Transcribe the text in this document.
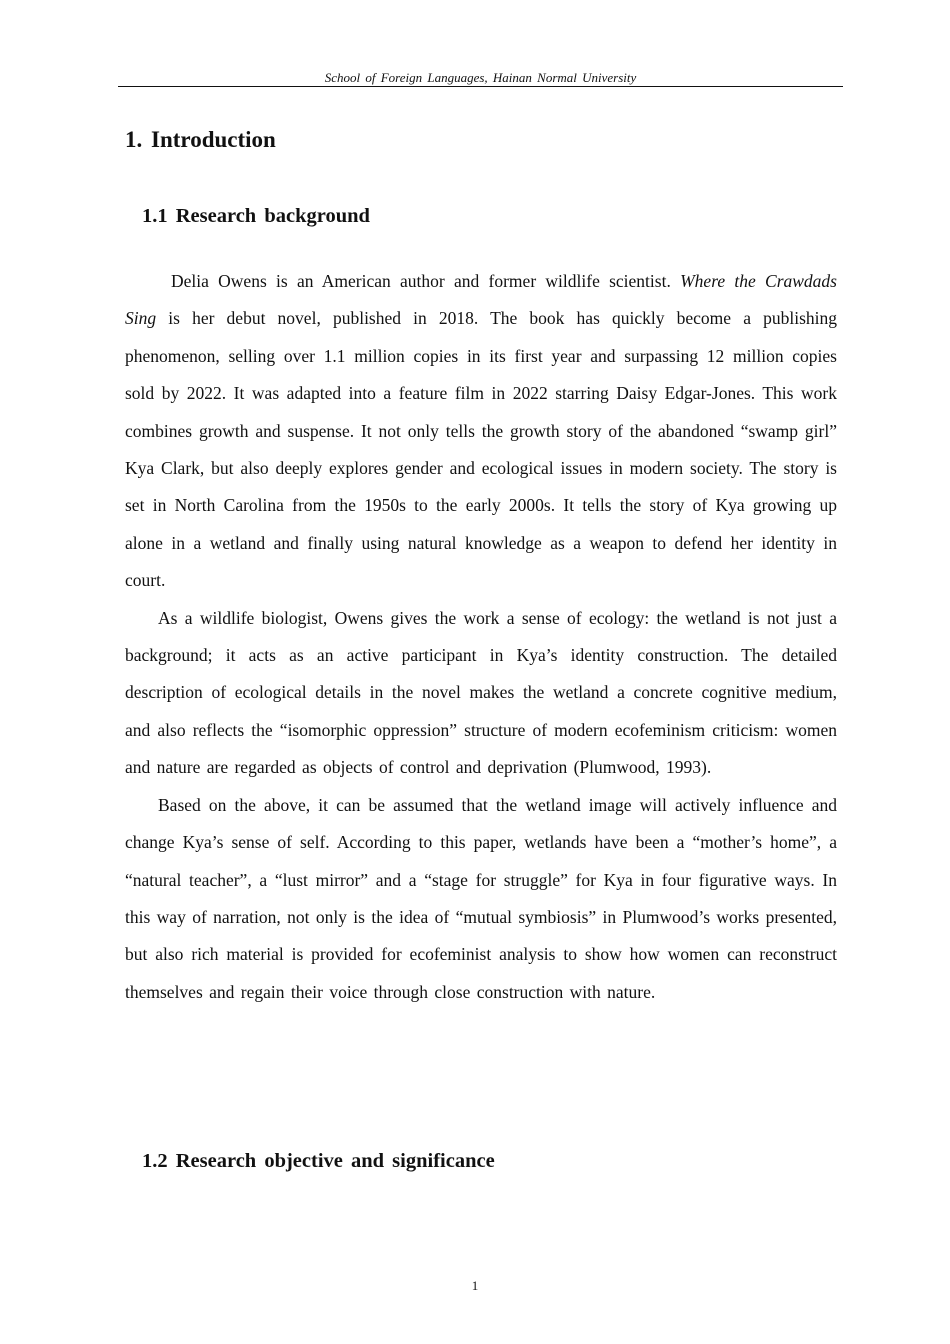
School of Foreign Languages, Hainan Normal University
1. Introduction
1.1 Research background

Delia Owens is an American author and former wildlife scientist. Where the Crawdads Sing is her debut novel, published in 2018. The book has quickly become a publishing phenomenon, selling over 1.1 million copies in its first year and surpassing 12 million copies sold by 2022. It was adapted into a feature film in 2022 starring Daisy Edgar-Jones. This work combines growth and suspense. It not only tells the growth story of the abandoned “swamp girl” Kya Clark, but also deeply explores gender and ecological issues in modern society. The story is set in North Carolina from the 1950s to the early 2000s. It tells the story of Kya growing up alone in a wetland and finally using natural knowledge as a weapon to defend her identity in court.

As a wildlife biologist, Owens gives the work a sense of ecology: the wetland is not just a background; it acts as an active participant in Kya’s identity construction. The detailed description of ecological details in the novel makes the wetland a concrete cognitive medium, and also reflects the “isomorphic oppression” structure of modern ecofeminism criticism: women and nature are regarded as objects of control and deprivation (Plumwood, 1993).

Based on the above, it can be assumed that the wetland image will actively influence and change Kya’s sense of self. According to this paper, wetlands have been a “mother’s home”, a “natural teacher”, a “lust mirror” and a “stage for struggle” for Kya in four figurative ways. In this way of narration, not only is the idea of “mutual symbiosis” in Plumwood’s works presented, but also rich material is provided for ecofeminist analysis to show how women can reconstruct themselves and regain their voice through close construction with nature.

1.2 Research objective and significance
1
